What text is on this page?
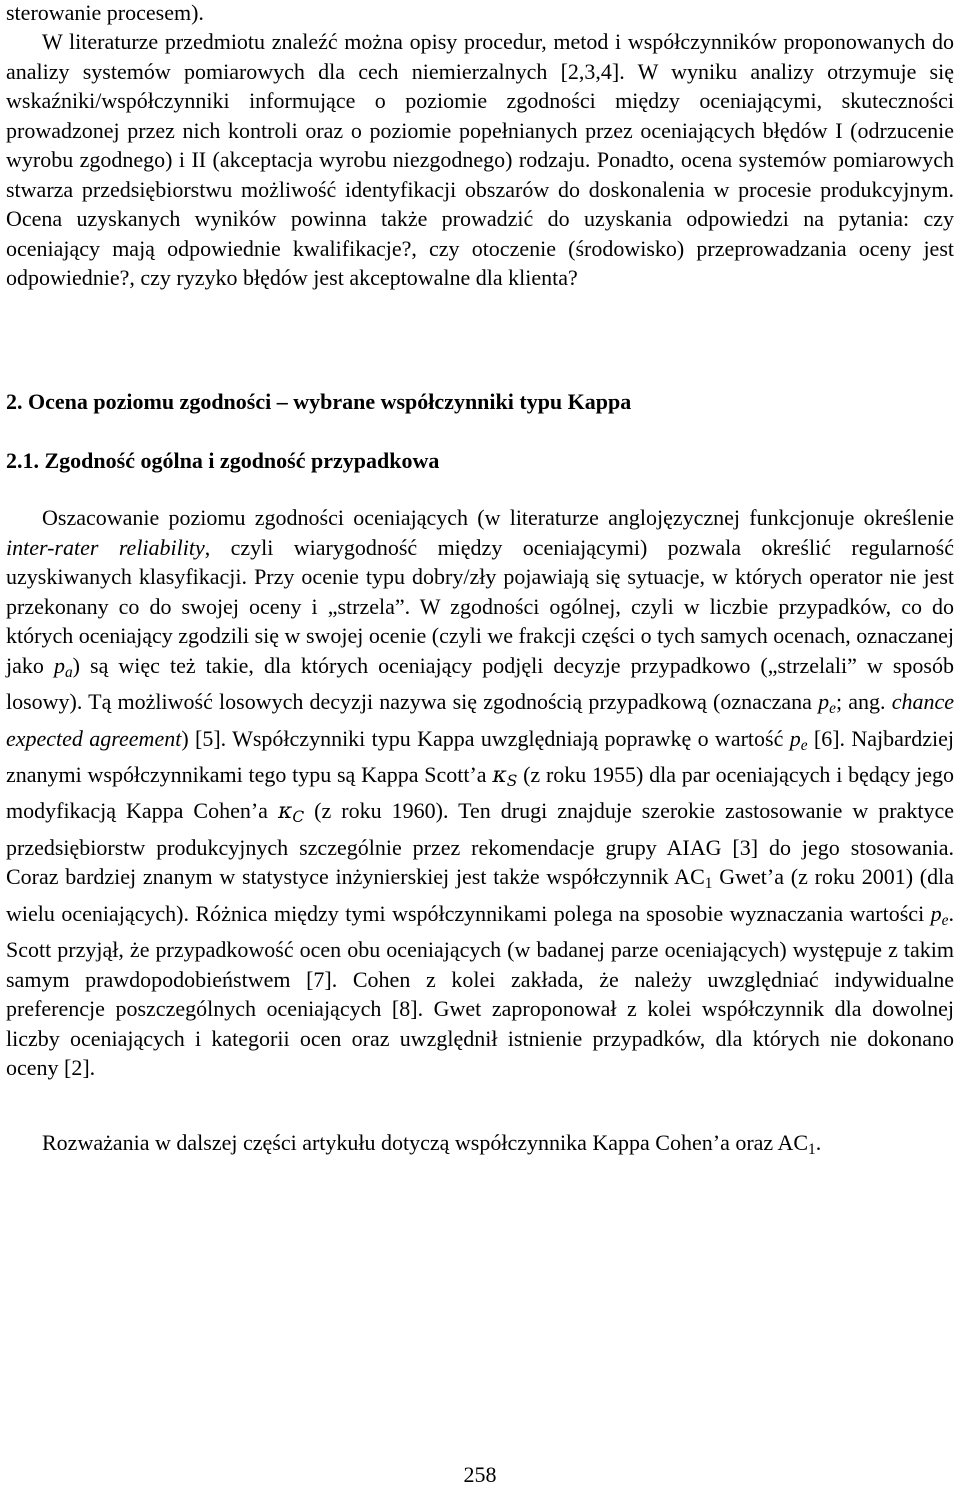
sterowanie procesem).

W literaturze przedmiotu znaleźć można opisy procedur, metod i współczynników proponowanych do analizy systemów pomiarowych dla cech niemierzalnych [2,3,4]. W wyniku analizy otrzymuje się wskaźniki/współczynniki informujące o poziomie zgodności między oceniającymi, skuteczności prowadzonej przez nich kontroli oraz o poziomie popełnianych przez oceniających błędów I (odrzucenie wyrobu zgodnego) i II (akceptacja wyrobu niezgodnego) rodzaju. Ponadto, ocena systemów pomiarowych stwarza przedsiębiorstwu możliwość identyfikacji obszarów do doskonalenia w procesie produkcyjnym. Ocena uzyskanych wyników powinna także prowadzić do uzyskania odpowiedzi na pytania: czy oceniający mają odpowiednie kwalifikacje?, czy otoczenie (środowisko) przeprowadzania oceny jest odpowiednie?, czy ryzyko błędów jest akceptowalne dla klienta?

2. Ocena poziomu zgodności – wybrane współczynniki typu Kappa
2.1. Zgodność ogólna i zgodność przypadkowa

Oszacowanie poziomu zgodności oceniających (w literaturze anglojęzycznej funkcjonuje określenie inter-rater reliability, czyli wiarygodność między oceniającymi) pozwala określić regularność uzyskiwanych klasyfikacji. Przy ocenie typu dobry/zły pojawiają się sytuacje, w których operator nie jest przekonany co do swojej oceny i „strzela”. W zgodności ogólnej, czyli w liczbie przypadków, co do których oceniający zgodzili się w swojej ocenie (czyli we frakcji części o tych samych ocenach, oznaczanej jako $p_a$) są więc też takie, dla których oceniający podjęli decyzje przypadkowo („strzelali” w sposób losowy). Tą możliwość losowych decyzji nazywa się zgodnością przypadkową (oznaczana $p_e$; ang. chance expected agreement) [5]. Współczynniki typu Kappa uwzględniają poprawkę o wartość $p_e$ [6]. Najbardziej znanymi współczynnikami tego typu są Kappa Scott’a $\kappa_S$ (z roku 1955) dla par oceniających i będący jego modyfikacją Kappa Cohen’a $\kappa_C$ (z roku 1960). Ten drugi znajduje szerokie zastosowanie w praktyce przedsiębiorstw produkcyjnych szczególnie przez rekomendacje grupy AIAG [3] do jego stosowania. Coraz bardziej znanym w statystyce inżynierskiej jest także współczynnik $AC_1$ Gwet’a (z roku 2001) (dla wielu oceniających). Różnica między tymi współczynnikami polega na sposobie wyznaczania wartości $p_e$. Scott przyjął, że przypadkowość ocen obu oceniających (w badanej parze oceniających) występuje z takim samym prawdopodobieństwem [7]. Cohen z kolei zakłada, że należy uwzględniać indywidualne preferencje poszczególnych oceniających [8]. Gwet zaproponował z kolei współczynnik dla dowolnej liczby oceniających i kategorii ocen oraz uwzględnił istnienie przypadków, dla których nie dokonano oceny [2].

Rozważania w dalszej części artykułu dotyczą współczynnika Kappa Cohen’a oraz $AC_1$.

258
